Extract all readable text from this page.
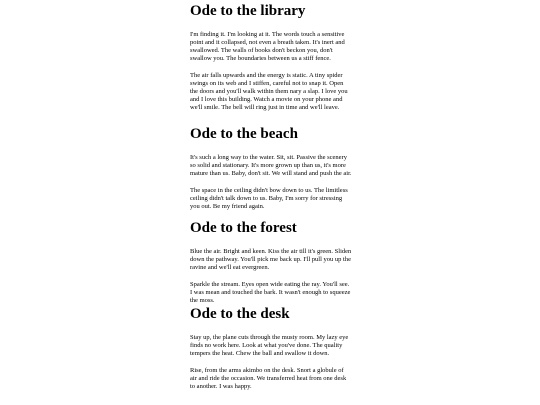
Ode to the library

I'm finding it. I'm looking at it. The words touch a sensitive point and it collapsed, not even a breath taken. It's inert and swallowed. The walls of books don't beckon you, don't swallow you. The boundaries between us a stiff fence.

The air falls upwards and the energy is static. A tiny spider swings on its web and I stiffen, careful not to snap it. Open the doors and you'll walk within them nary a slap. I love you and I love this building. Watch a movie on your phone and we'll smile. The bell will ring just in time and we'll leave.

Ode to the beach

It's such a long way to the water. Sit, sit. Passive the scenery so solid and stationary. It's more grown up than us, it's more mature than us. Baby, don't sit. We will stand and push the air.

The space in the ceiling didn't bow down to us. The limitless ceiling didn't talk down to us. Baby, I'm sorry for stressing you out. Be my friend again.

Ode to the forest

Blue the air. Bright and keen. Kiss the air till it's green. Sliden down the pathway. You'll pick me back up. I'll pull you up the ravine and we'll eat evergreen.

Sparkle the stream. Eyes open wide eating the ray. You'll see. I was mean and touched the bark. It wasn't enough to squeeze the moss.

Ode to the desk

Stay up, the plane cuts through the musty room. My lazy eye finds no work here. Look at what you've done. The quality tempers the heat. Chew the ball and swallow it down.

Rise, from the arms akimbo on the desk. Snort a globule of air and ride the occasion. We transferred heat from one desk to another. I was happy.
